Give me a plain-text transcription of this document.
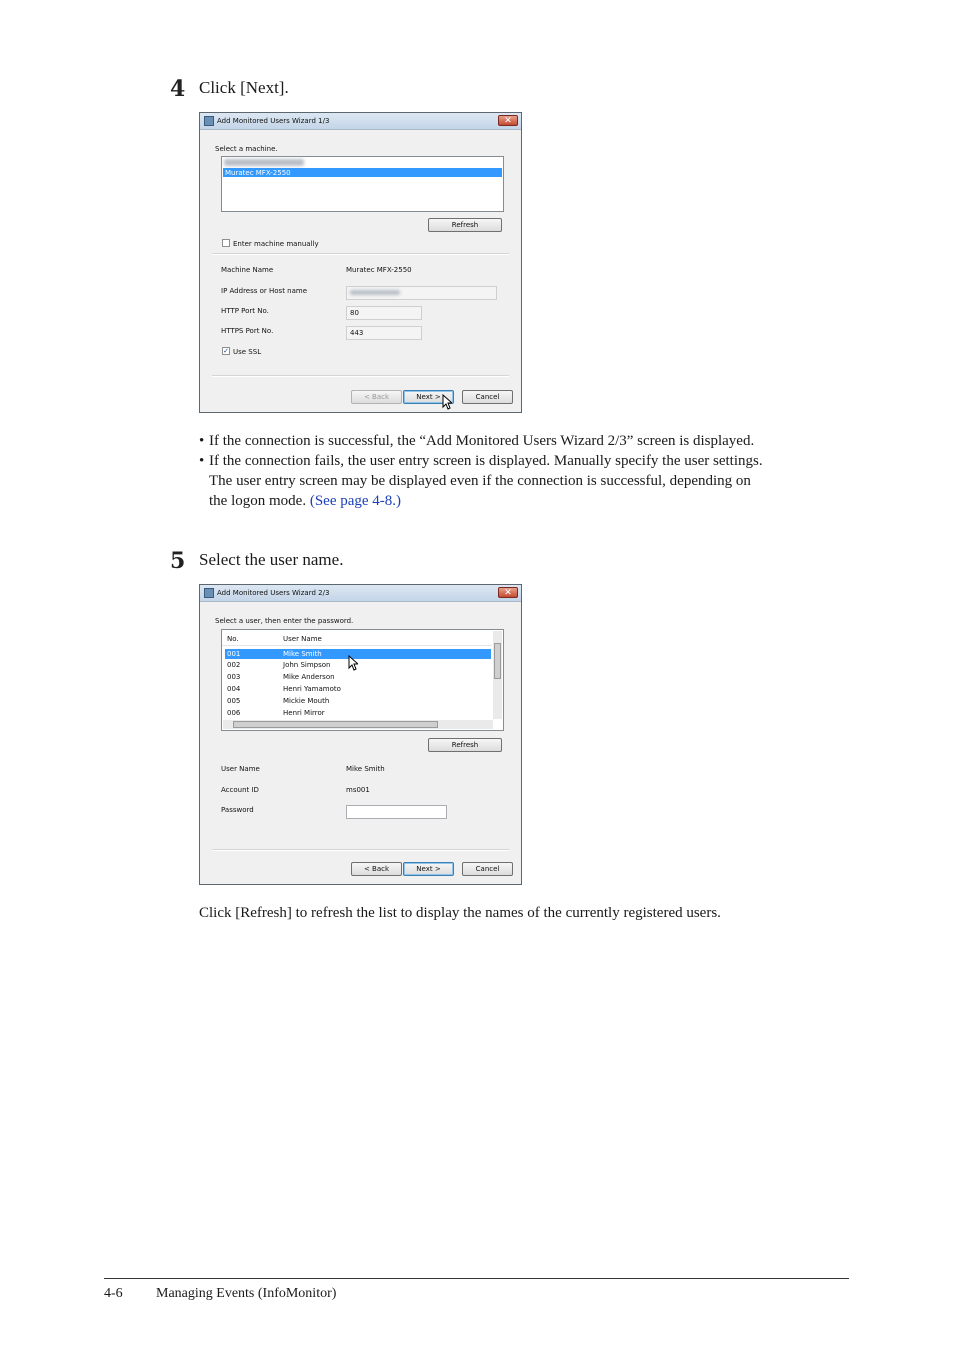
4 Click [Next].
Add Monitored Users Wizard 1/3	✕
Select a machine.
Muratec MFX-2550
Refresh
Enter machine manually
Machine Name	Muratec MFX-2550
IP Address or Host name
HTTP Port No.	80
HTTPS Port No.	443
✓ Use SSL
< Back	Next >	Cancel
• If the connection is successful, the “Add Monitored Users Wizard 2/3” screen is displayed.
• If the connection fails, the user entry screen is displayed. Manually specify the user settings.
The user entry screen may be displayed even if the connection is successful, depending on
the logon mode. (See page 4-8.)
5 Select the user name.
Add Monitored Users Wizard 2/3	✕
Select a user, then enter the password.
No.	User Name
001	Mike Smith
002	John Simpson
003	Mike Anderson
004	Henri Yamamoto
005	Mickie Mouth
006	Henri Mirror
Refresh
User Name	Mike Smith
Account ID	ms001
Password
< Back	Next >	Cancel
Click [Refresh] to refresh the list to display the names of the currently registered users.
4-6 Managing Events (InfoMonitor)
